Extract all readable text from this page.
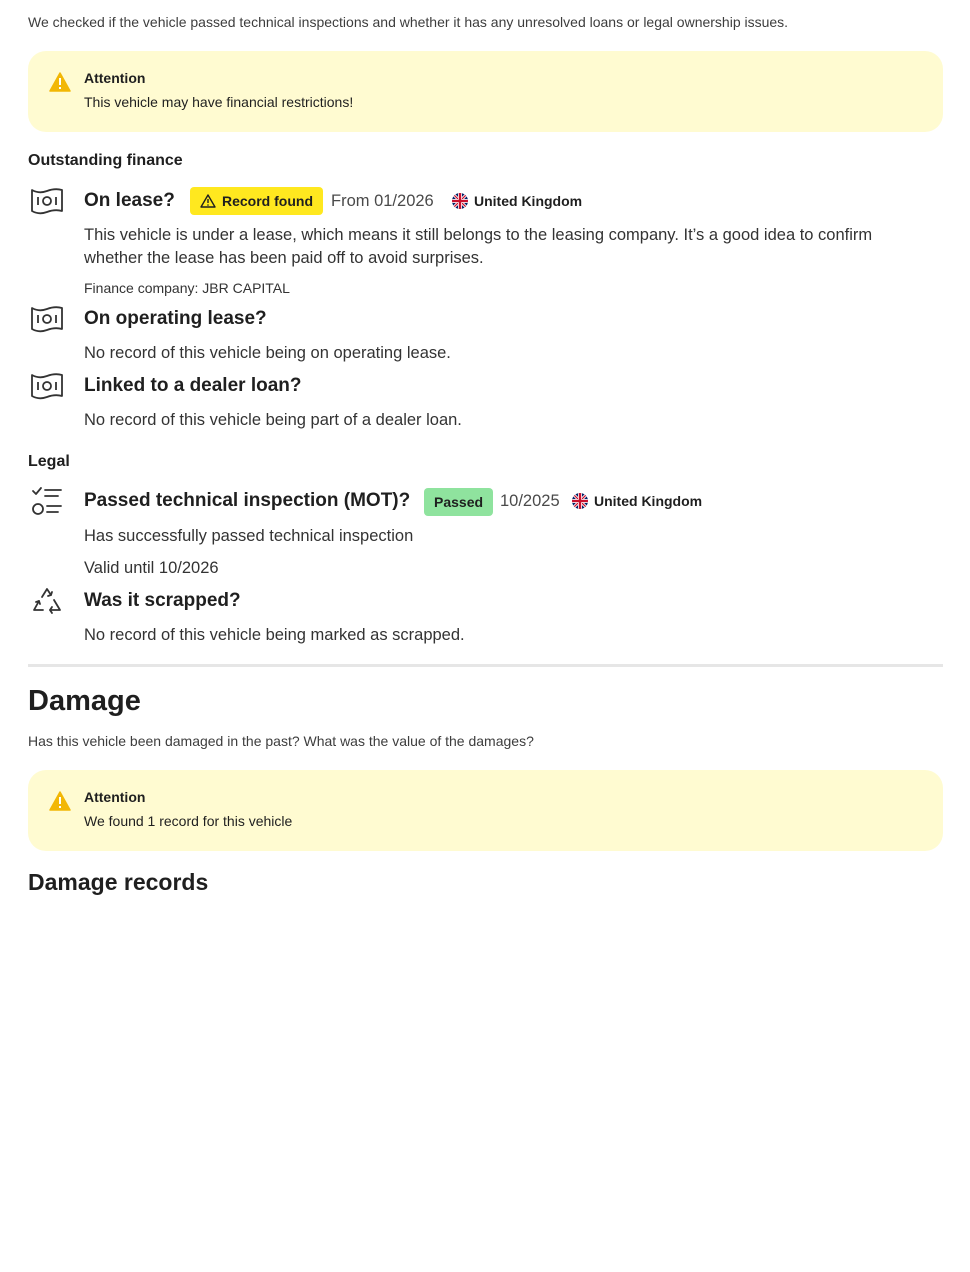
We checked if the vehicle passed technical inspections and whether it has any unresolved loans or legal ownership issues.
Attention
This vehicle may have financial restrictions!
Outstanding finance
On lease?	Record found From 01/2026	United Kingdom
This vehicle is under a lease, which means it still belongs to the leasing company. It’s a good idea to confirm whether the lease has been paid off to avoid surprises.
Finance company: JBR CAPITAL
On operating lease?
No record of this vehicle being on operating lease.
Linked to a dealer loan?
No record of this vehicle being part of a dealer loan.
Legal
Passed technical inspection (MOT)? Passed 10/2025 United Kingdom
Has successfully passed technical inspection
Valid until 10/2026
Was it scrapped?
No record of this vehicle being marked as scrapped.
Damage
Has this vehicle been damaged in the past? What was the value of the damages?
Attention
We found 1 record for this vehicle
Damage records
